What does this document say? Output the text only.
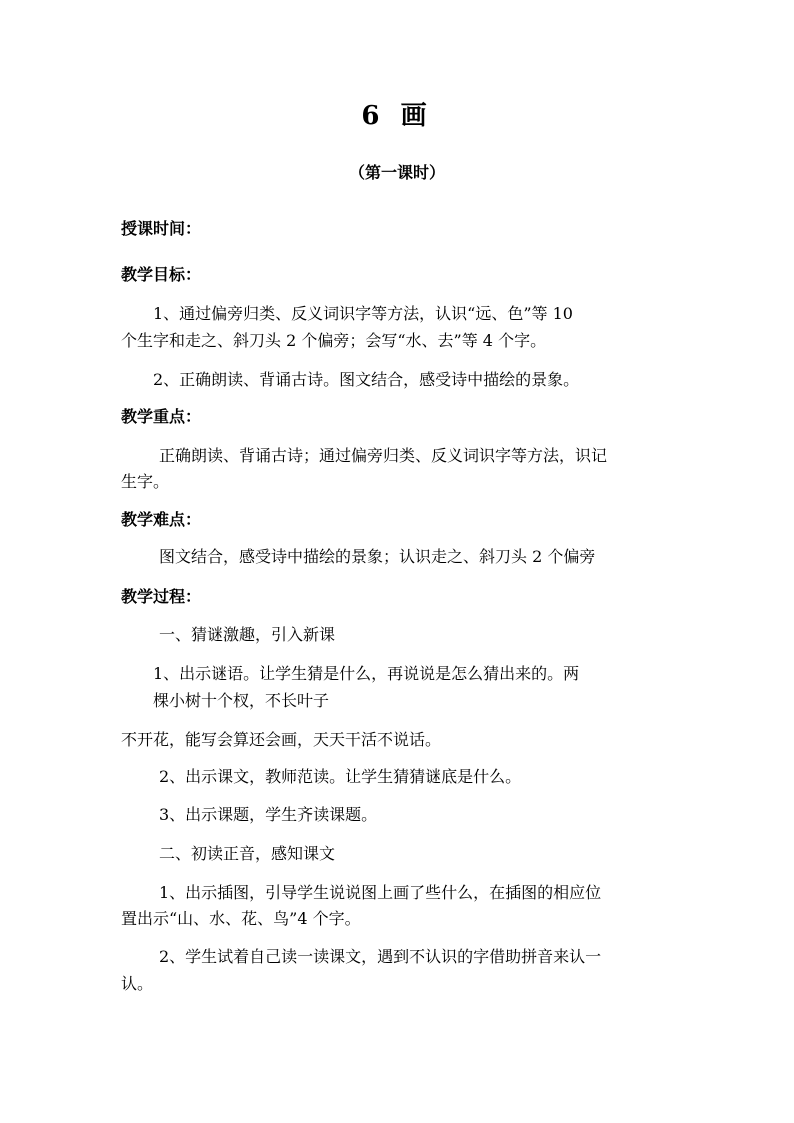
6 画
（第一课时）
授课时间：
教学目标：
1、通过偏旁归类、反义词识字等方法，认识“远、色”等 10
个生字和走之、斜刀头 2 个偏旁；会写“水、去”等 4 个字。
2、正确朗读、背诵古诗。图文结合，感受诗中描绘的景象。
教学重点：
正确朗读、背诵古诗；通过偏旁归类、反义词识字等方法，识记
生字。
教学难点：
图文结合，感受诗中描绘的景象；认识走之、斜刀头 2 个偏旁
教学过程：
一、猜谜激趣，引入新课
1、出示谜语。让学生猜是什么，再说说是怎么猜出来的。两
棵小树十个杈，不长叶子
不开花，能写会算还会画，天天干活不说话。
2、出示课文，教师范读。让学生猜猜谜底是什么。
3、出示课题，学生齐读课题。
二、初读正音，感知课文
1、出示插图，引导学生说说图上画了些什么，在插图的相应位
置出示“山、水、花、鸟”4 个字。
2、学生试着自己读一读课文，遇到不认识的字借助拼音来认一
认。
